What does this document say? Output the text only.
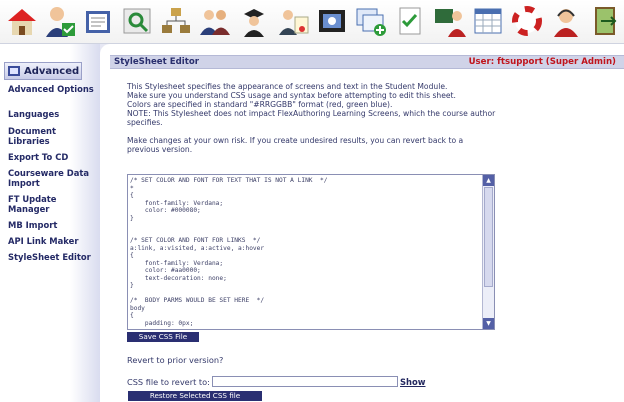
Advanced
Advanced Options
Languages
Document Libraries
Export To CD
Courseware Data Import
FT Update Manager
MB Import
API Link Maker
StyleSheet Editor
StyleSheet Editor	User: ftsupport (Super Admin)
This Stylesheet specifies the appearance of screens and text in the Student Module.
Make sure you understand CSS usage and syntax before attempting to edit this sheet.
Colors are specified in standard "#RRGGBB" format (red, green blue).
NOTE: This Stylesheet does not impact FlexAuthoring Learning Screens, which the course author
specifies.
Make changes at your own risk. If you create undesired results, you can revert back to a
previous version.
/* SET COLOR AND FONT FOR TEXT THAT IS NOT A LINK  */
*
{
font-family: Verdana;
color: #000080;
}

/* SET COLOR AND FONT FOR LINKS  */
a:link, a:visited, a:active, a:hover
{
font-family: Verdana;
color: #aa0000;
text-decoration: none;
}

/*  BODY PARMS WOULD BE SET HERE  */
body
{
padding: 0px;
▲
▼
Save CSS File
Revert to prior version?
CSS file to revert to:	Show
Restore Selected CSS file
